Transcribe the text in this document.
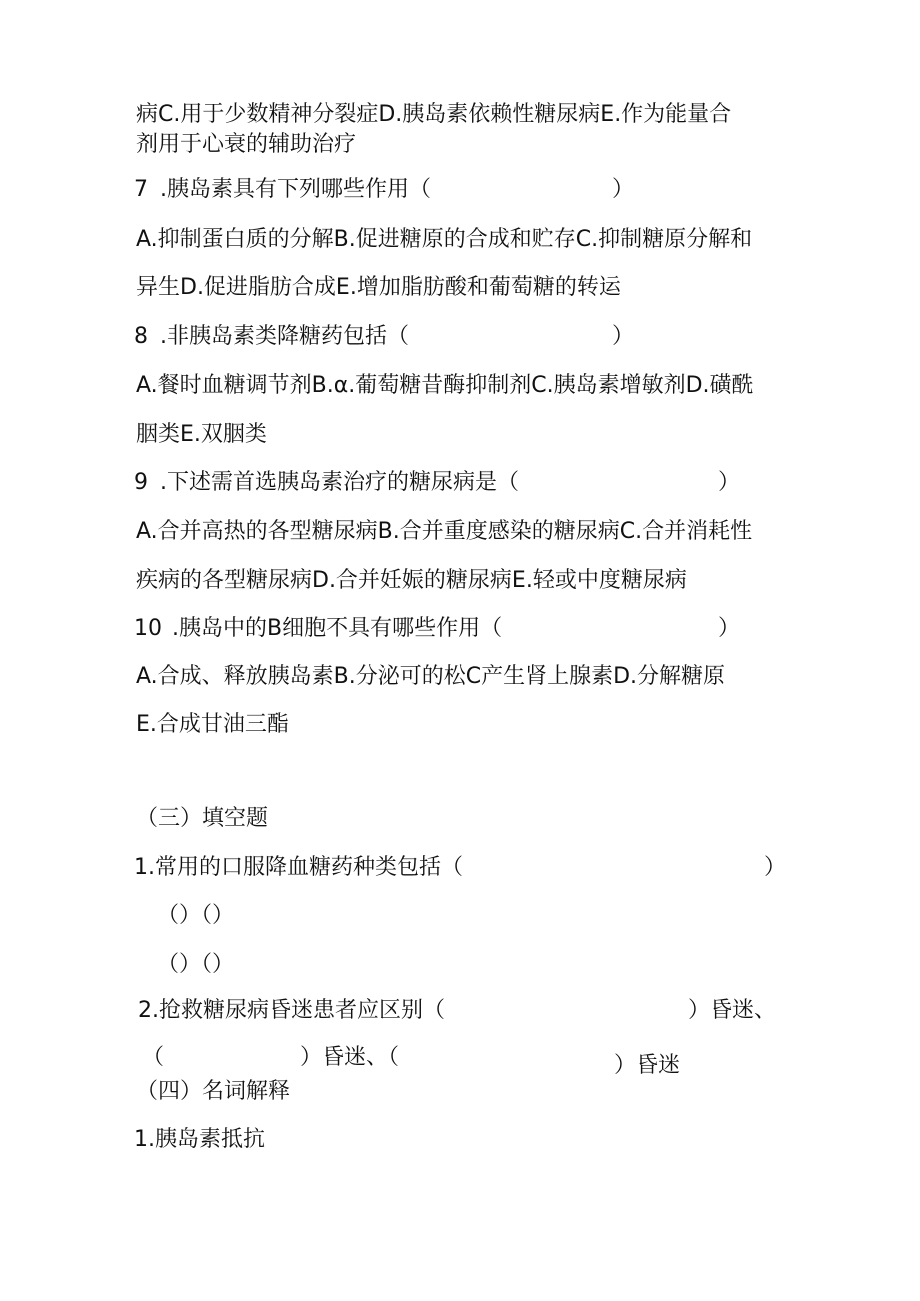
病C.用于少数精神分裂症D.胰岛素依赖性糖尿病E.作为能量合
剂用于心衰的辅助治疗
7 .胰岛素具有下列哪些作用（	）
A.抑制蛋白质的分解B.促进糖原的合成和贮存C.抑制糖原分解和
异生D.促进脂肪合成E.增加脂肪酸和葡萄糖的转运
8 .非胰岛素类降糖药包括（	）
A.餐时血糖调节剂B.α.葡萄糖昔酶抑制剂C.胰岛素增敏剂D.磺酰
胭类E.双胭类
9 .下述需首选胰岛素治疗的糖尿病是（	）
A.合并高热的各型糖尿病B.合并重度感染的糖尿病C.合并消耗性
疾病的各型糖尿病D.合并妊娠的糖尿病E.轻或中度糖尿病
10 .胰岛中的B细胞不具有哪些作用（	）
A.合成、释放胰岛素B.分泌可的松C产生肾上腺素D.分解糖原
E.合成甘油三酯
（三）填空题
1.常用的口服降血糖药种类包括（	）
（）（）
（）（）
2.抢救糖尿病昏迷患者应区别（	）昏迷、
（	）昏迷、（	）昏迷
（四）名词解释
1.胰岛素抵抗
